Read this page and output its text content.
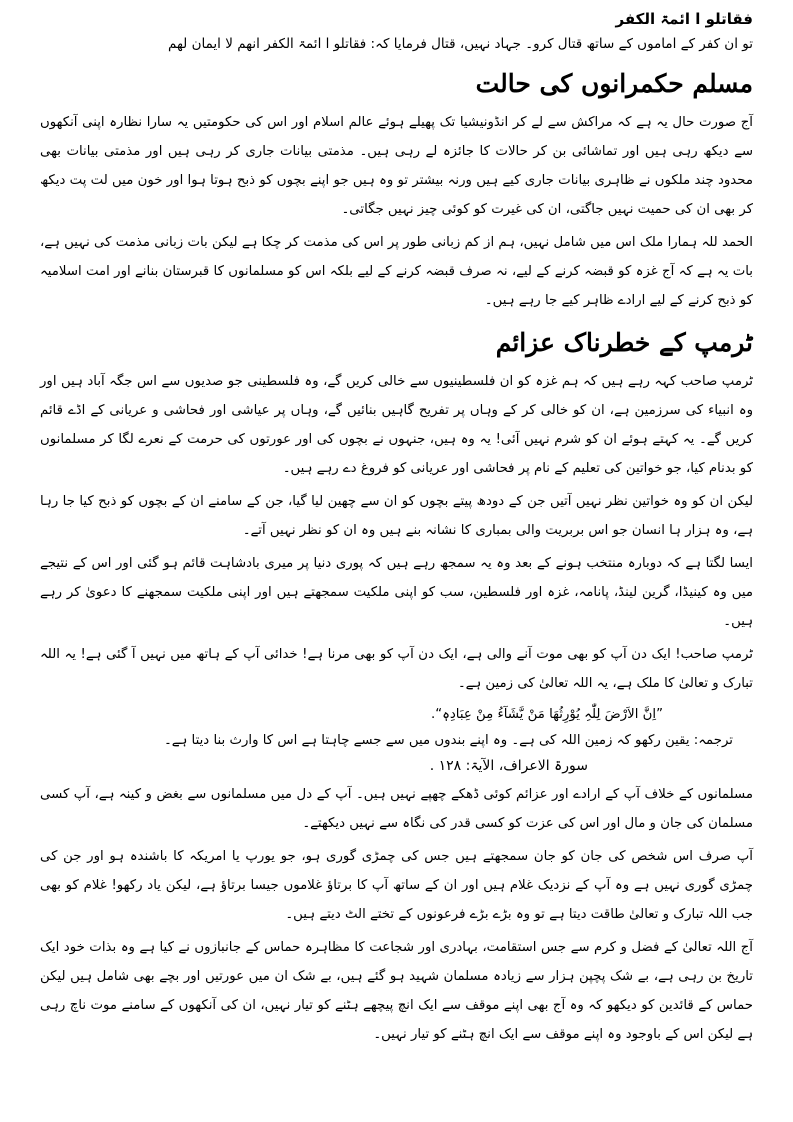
فقاتلو ا ائمۃ الکفر

تو ان کفر کے اماموں کے ساتھ قتال کرو۔ جہاد نہیں، قتال فرمایا کہ: فقاتلو ا ائمۃ الکفر انھم لا ایمان لھم

مسلم حکمرانوں کی حالت

آج صورت حال یہ ہے کہ مراکش سے لے کر انڈونیشیا تک پھیلے ہوئے عالم اسلام اور اس کی حکومتیں یہ سارا نظارہ اپنی آنکھوں سے دیکھ رہی ہیں اور تماشائی بن کر حالات کا جائزہ لے رہی ہیں۔ مذمتی بیانات جاری کر رہی ہیں اور مذمتی بیانات بھی محدود چند ملکوں نے ظاہری بیانات جاری کیے ہیں ورنہ بیشتر تو وہ ہیں جو اپنے بچوں کو ذبح ہوتا ہوا اور خون میں لت پت دیکھ کر بھی ان کی حمیت نہیں جاگتی، ان کی غیرت کو کوئی چیز نہیں جگاتی۔

الحمد للہ ہمارا ملک اس میں شامل نہیں، ہم از کم زبانی طور پر اس کی مذمت کر چکا ہے لیکن بات زبانی مذمت کی نہیں ہے، بات یہ ہے کہ آج غزہ کو قبضہ کرنے کے لیے، نہ صرف قبضہ کرنے کے لیے بلکہ اس کو مسلمانوں کا قبرستان بنانے اور امت اسلامیہ کو ذبح کرنے کے لیے ارادے ظاہر کیے جا رہے ہیں۔

ٹرمپ کے خطرناک عزائم

ٹرمپ صاحب کہہ رہے ہیں کہ ہم غزہ کو ان فلسطینیوں سے خالی کریں گے، وہ فلسطینی جو صدیوں سے اس جگہ آباد ہیں اور وہ انبیاء کی سرزمین ہے، ان کو خالی کر کے وہاں پر تفریح گاہیں بنائیں گے، وہاں پر عیاشی اور فحاشی و عریانی کے اڈے قائم کریں گے۔ یہ کہتے ہوئے ان کو شرم نہیں آئی! یہ وہ ہیں، جنہوں نے بچوں کی اور عورتوں کی حرمت کے نعرے لگا کر مسلمانوں کو بدنام کیا، جو خواتین کی تعلیم کے نام پر فحاشی اور عریانی کو فروغ دے رہے ہیں۔

لیکن ان کو وہ خواتین نظر نہیں آتیں جن کے دودھ پیتے بچوں کو ان سے چھین لیا گیا، جن کے سامنے ان کے بچوں کو ذبح کیا جا رہا ہے، وہ ہزار ہا انسان جو اس بربریت والی بمباری کا نشانہ بنے ہیں وہ ان کو نظر نہیں آتے۔

ایسا لگتا ہے کہ دوبارہ منتخب ہونے کے بعد وہ یہ سمجھ رہے ہیں کہ پوری دنیا پر میری بادشاہت قائم ہو گئی اور اس کے نتیجے میں وہ کینیڈا، گرین لینڈ، پانامہ، غزہ اور فلسطین، سب کو اپنی ملکیت سمجھتے ہیں اور اپنی ملکیت سمجھنے کا دعویٰ کر رہے ہیں۔

ٹرمپ صاحب! ایک دن آپ کو بھی موت آنے والی ہے، ایک دن آپ کو بھی مرنا ہے! خدائی آپ کے ہاتھ میں نہیں آ گئی ہے! یہ اللہ تبارک و تعالیٰ کا ملک ہے، یہ اللہ تعالیٰ کی زمین ہے۔

”اِنَّ الاَرْضَ لِلّٰہِ یُوْرِثُھَا مَنْ یَّشَآءُ مِنْ عِبَادِہٖ“.

ترجمہ: یقین رکھو کہ زمین اللہ کی ہے۔ وہ اپنے بندوں میں سے جسے چاہتا ہے اس کا وارث بنا دیتا ہے۔

سورۃ الاعراف، الآیۃ: ۱۲۸ .

مسلمانوں کے خلاف آپ کے ارادے اور عزائم کوئی ڈھکے چھپے نہیں ہیں۔ آپ کے دل میں مسلمانوں سے بغض و کینہ ہے، آپ کسی مسلمان کی جان و مال اور اس کی عزت کو کسی قدر کی نگاہ سے نہیں دیکھتے۔

آپ صرف اس شخص کی جان کو جان سمجھتے ہیں جس کی چمڑی گوری ہو، جو یورپ یا امریکہ کا باشندہ ہو اور جن کی چمڑی گوری نہیں ہے وہ آپ کے نزدیک غلام ہیں اور ان کے ساتھ آپ کا برتاؤ غلاموں جیسا برتاؤ ہے، لیکن یاد رکھو! غلام کو بھی جب اللہ تبارک و تعالیٰ طاقت دیتا ہے تو وہ بڑے بڑے فرعونوں کے تختے الٹ دیتے ہیں۔

آج اللہ تعالیٰ کے فضل و کرم سے جس استقامت، بہادری اور شجاعت کا مظاہرہ حماس کے جانبازوں نے کیا ہے وہ بذات خود ایک تاریخ بن رہی ہے، بے شک پچپن ہزار سے زیادہ مسلمان شہید ہو گئے ہیں، بے شک ان میں عورتیں اور بچے بھی شامل ہیں لیکن حماس کے قائدین کو دیکھو کہ وہ آج بھی اپنے موقف سے ایک انچ پیچھے ہٹنے کو تیار نہیں، ان کی آنکھوں کے سامنے موت ناچ رہی ہے لیکن اس کے باوجود وہ اپنے موقف سے ایک انچ ہٹنے کو تیار نہیں۔
